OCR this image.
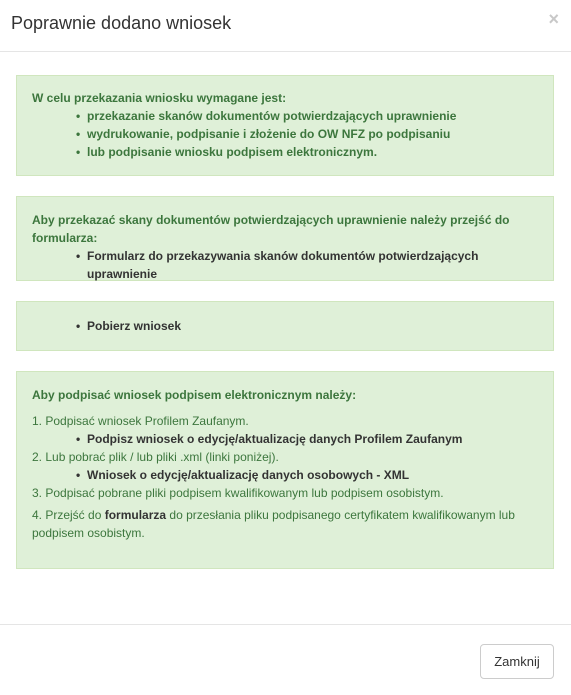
Poprawnie dodano wniosek	×
W celu przekazania wniosku wymagane jest:
• przekazanie skanów dokumentów potwierdzających uprawnienie
• wydrukowanie, podpisanie i złożenie do OW NFZ po podpisaniu
• lub podpisanie wniosku podpisem elektronicznym.
Aby przekazać skany dokumentów potwierdzających uprawnienie należy przejść do formularza:
• Formularz do przekazywania skanów dokumentów potwierdzających uprawnienie
• Pobierz wniosek
Aby podpisać wniosek podpisem elektronicznym należy:
1. Podpisać wniosek Profilem Zaufanym.
• Podpisz wniosek o edycję/aktualizację danych Profilem Zaufanym
2. Lub pobrać plik / lub pliki .xml (linki poniżej).
• Wniosek o edycję/aktualizację danych osobowych - XML
3. Podpisać pobrane pliki podpisem kwalifikowanym lub podpisem osobistym.
4. Przejść do formularza do przesłania pliku podpisanego certyfikatem kwalifikowanym lub podpisem osobistym.
Zamknij
